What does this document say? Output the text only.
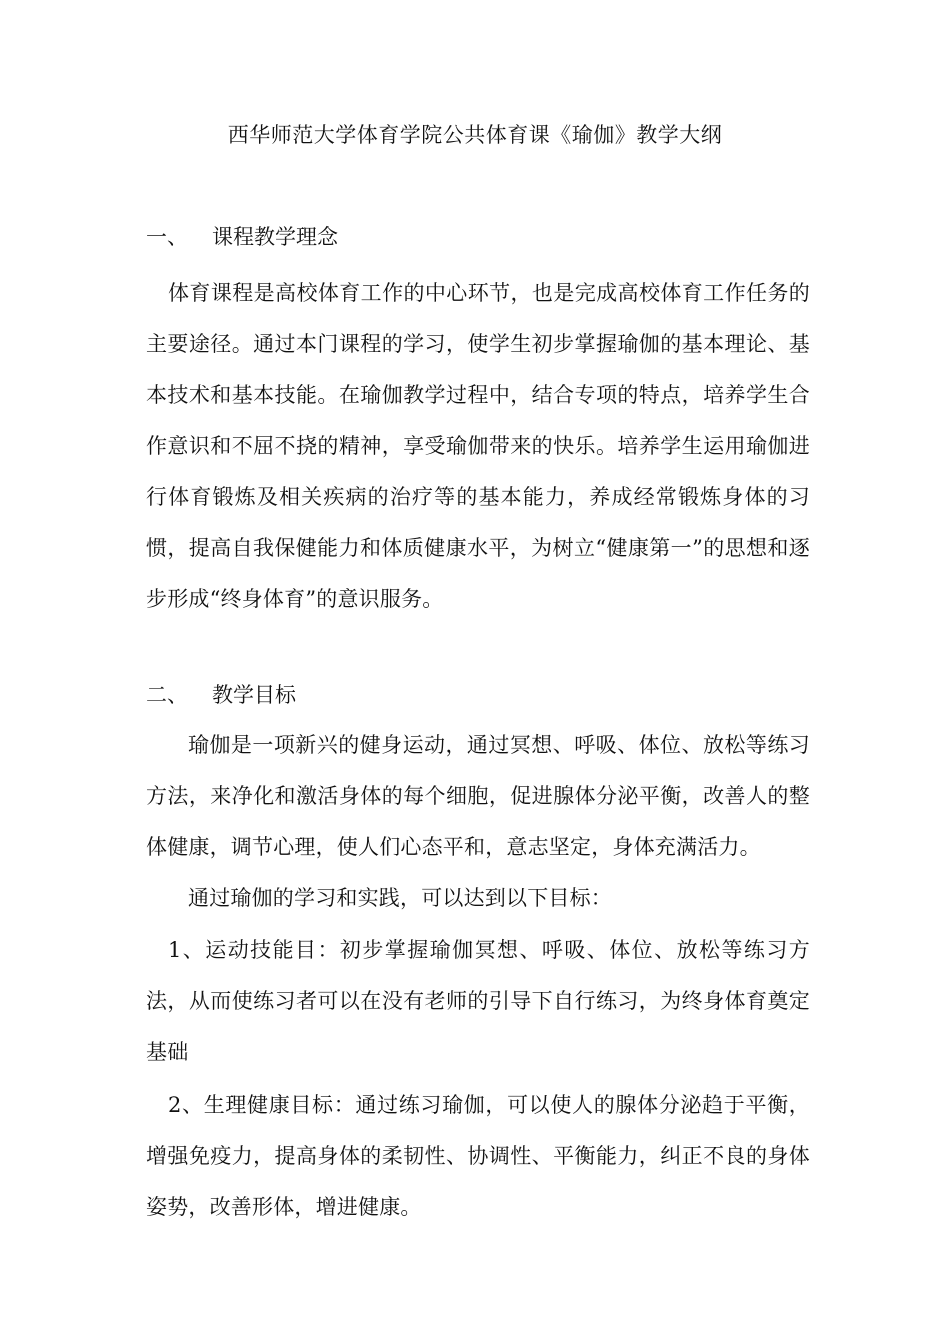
西华师范大学体育学院公共体育课《瑜伽》教学大纲
一、 课程教学理念
体育课程是高校体育工作的中心环节，也是完成高校体育工作任务的主要途径。通过本门课程的学习，使学生初步掌握瑜伽的基本理论、基本技术和基本技能。在瑜伽教学过程中，结合专项的特点，培养学生合作意识和不屈不挠的精神，享受瑜伽带来的快乐。培养学生运用瑜伽进行体育锻炼及相关疾病的治疗等的基本能力，养成经常锻炼身体的习惯，提高自我保健能力和体质健康水平，为树立“健康第一”的思想和逐步形成“终身体育”的意识服务。
二、 教学目标
瑜伽是一项新兴的健身运动，通过冥想、呼吸、体位、放松等练习方法，来净化和激活身体的每个细胞，促进腺体分泌平衡，改善人的整体健康，调节心理，使人们心态平和，意志坚定，身体充满活力。
通过瑜伽的学习和实践，可以达到以下目标：
1、运动技能目：初步掌握瑜伽冥想、呼吸、体位、放松等练习方法，从而使练习者可以在没有老师的引导下自行练习，为终身体育奠定基础
2、生理健康目标：通过练习瑜伽，可以使人的腺体分泌趋于平衡，增强免疫力，提高身体的柔韧性、协调性、平衡能力，纠正不良的身体姿势，改善形体，增进健康。
